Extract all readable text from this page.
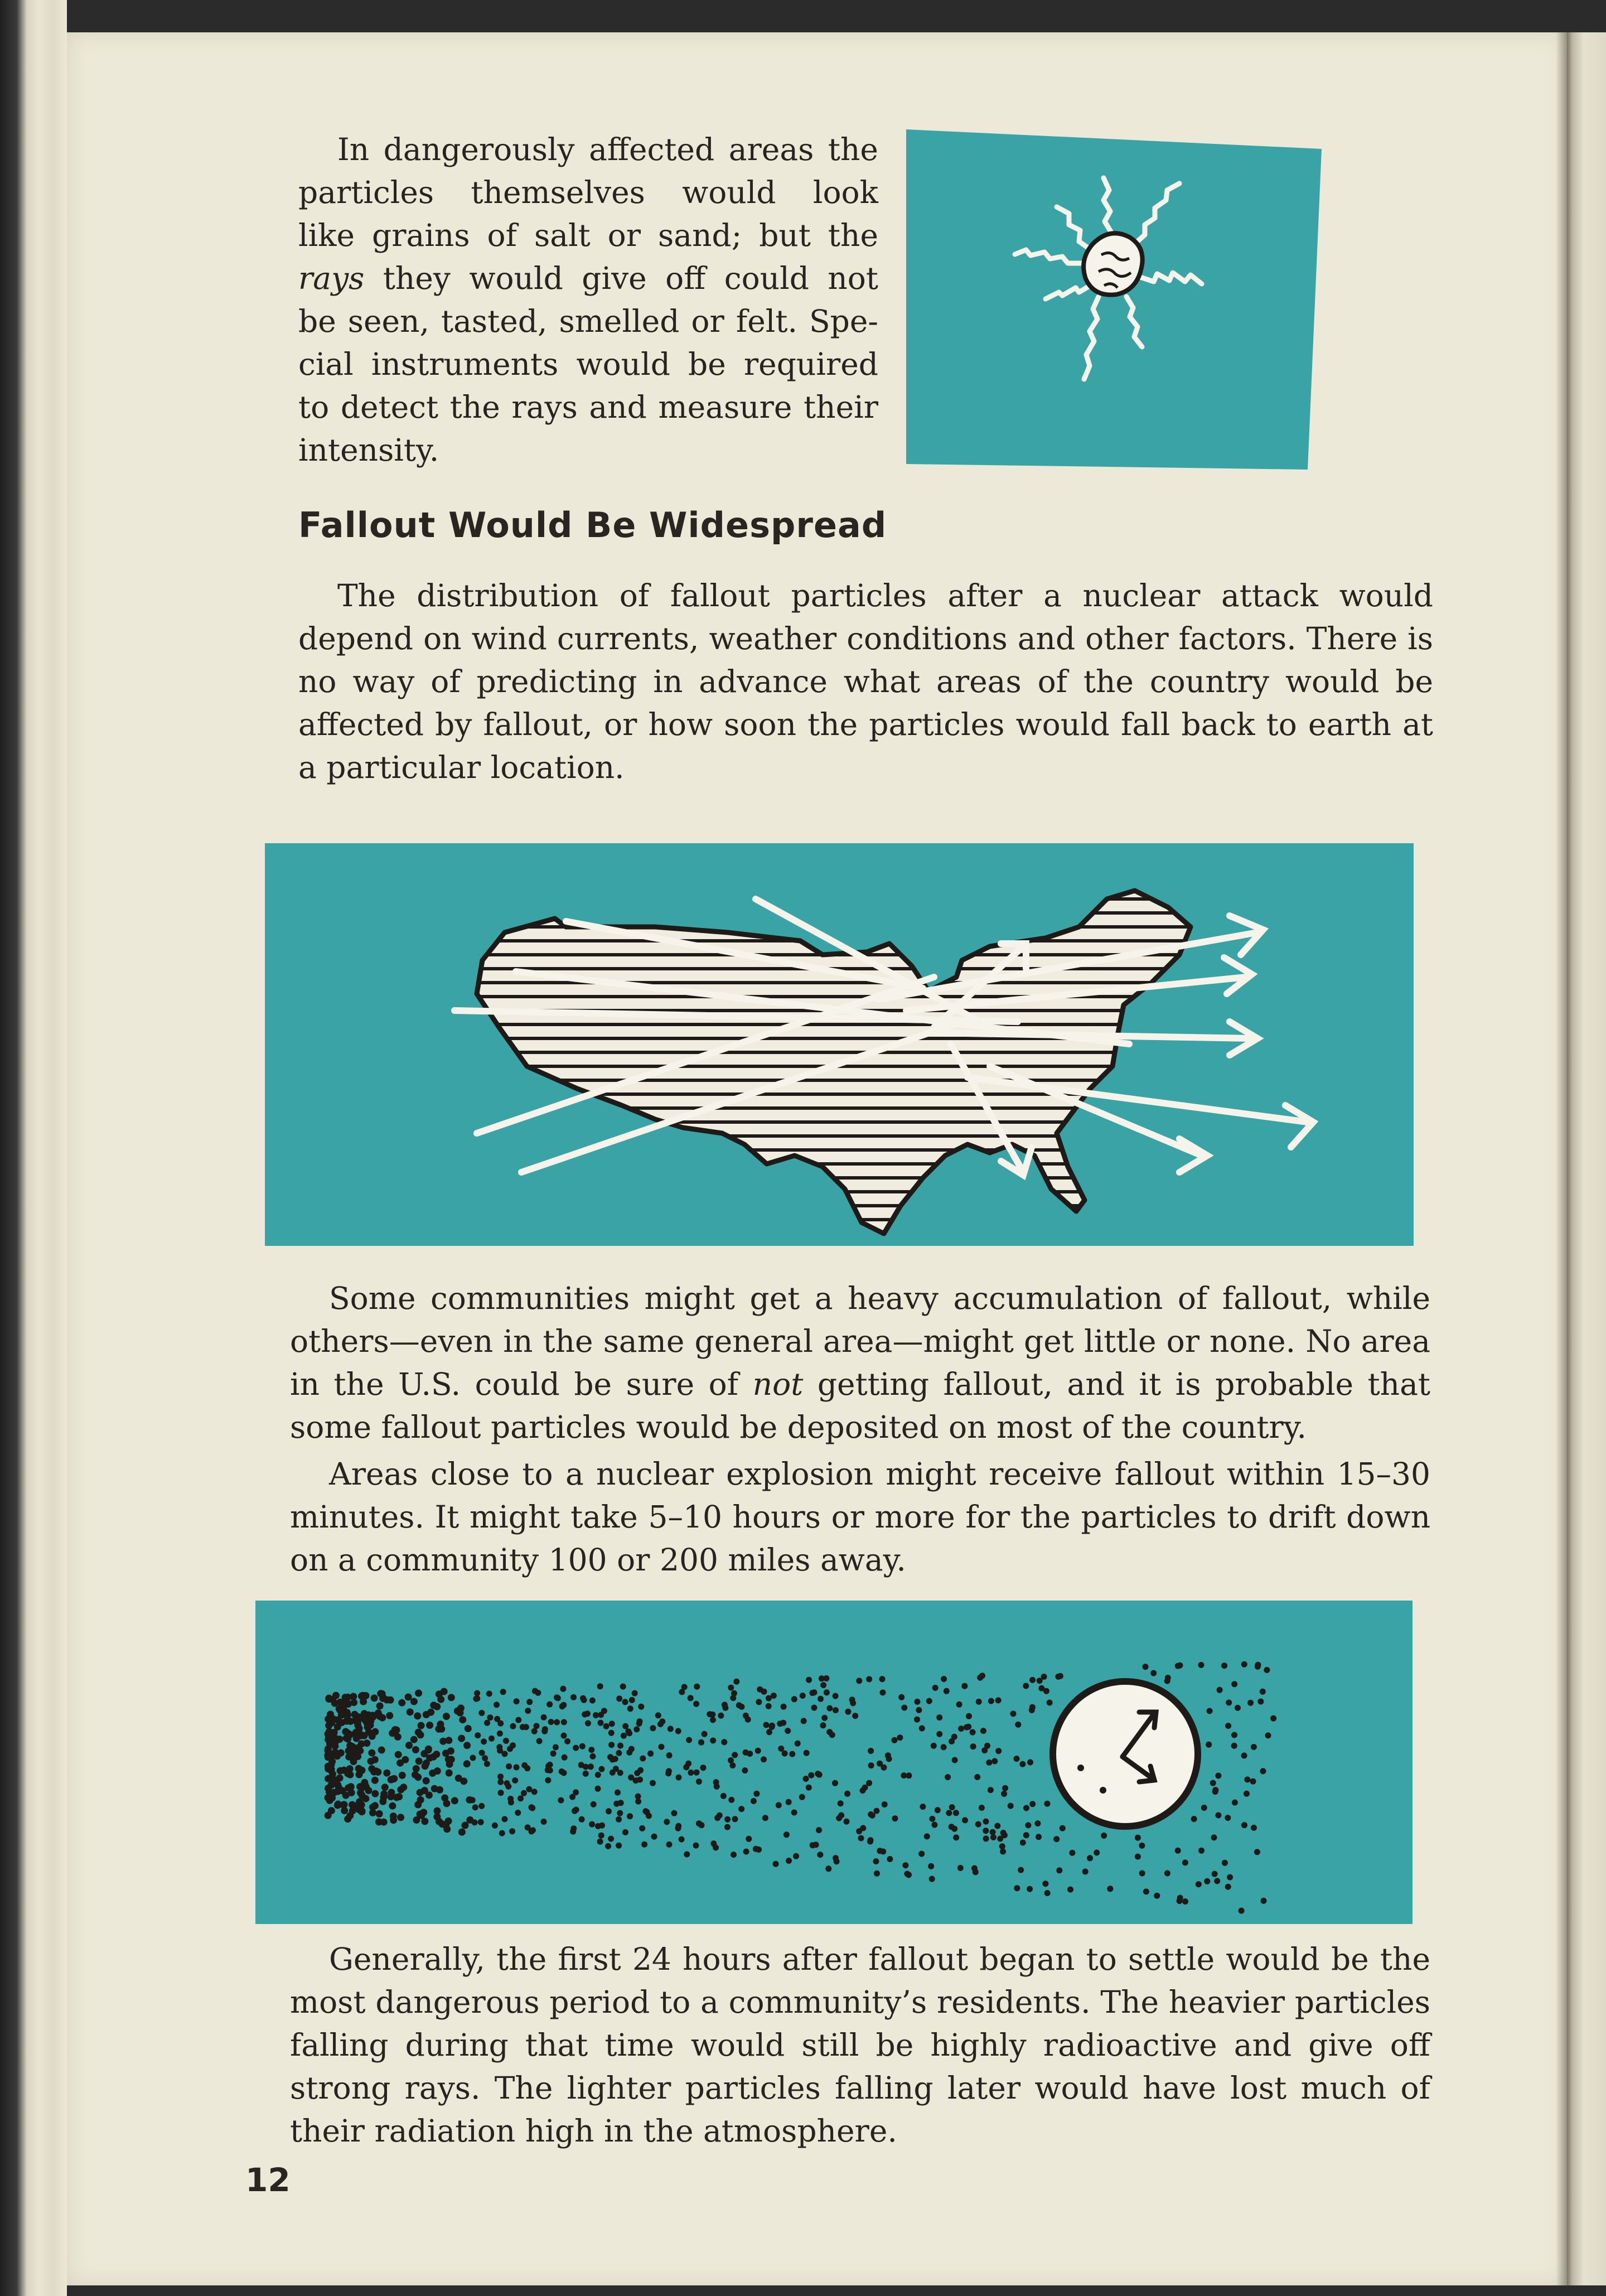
In dangerously affected areas the
particles themselves would look
like grains of salt or sand; but the
rays they would give off could not
be seen, tasted, smelled or felt. Spe-
cial instruments would be required
to detect the rays and measure their
intensity.
Fallout Would Be Widespread

The distribution of fallout particles after a nuclear attack would depend on wind currents, weather conditions and other factors. There is no way of predicting in advance what areas of the country would be affected by fallout, or how soon the particles would fall back to earth at a particular location.

Some communities might get a heavy accumulation of fallout, while others—even in the same general area—might get little or none. No area in the U.S. could be sure of not getting fallout, and it is probable that some fallout particles would be deposited on most of the country.

Areas close to a nuclear explosion might receive fallout within 15–30 minutes. It might take 5–10 hours or more for the particles to drift down on a community 100 or 200 miles away.

Generally, the first 24 hours after fallout began to settle would be the most dangerous period to a community’s residents. The heavier particles falling during that time would still be highly radioactive and give off strong rays. The lighter particles falling later would have lost much of their radiation high in the atmosphere.

12
